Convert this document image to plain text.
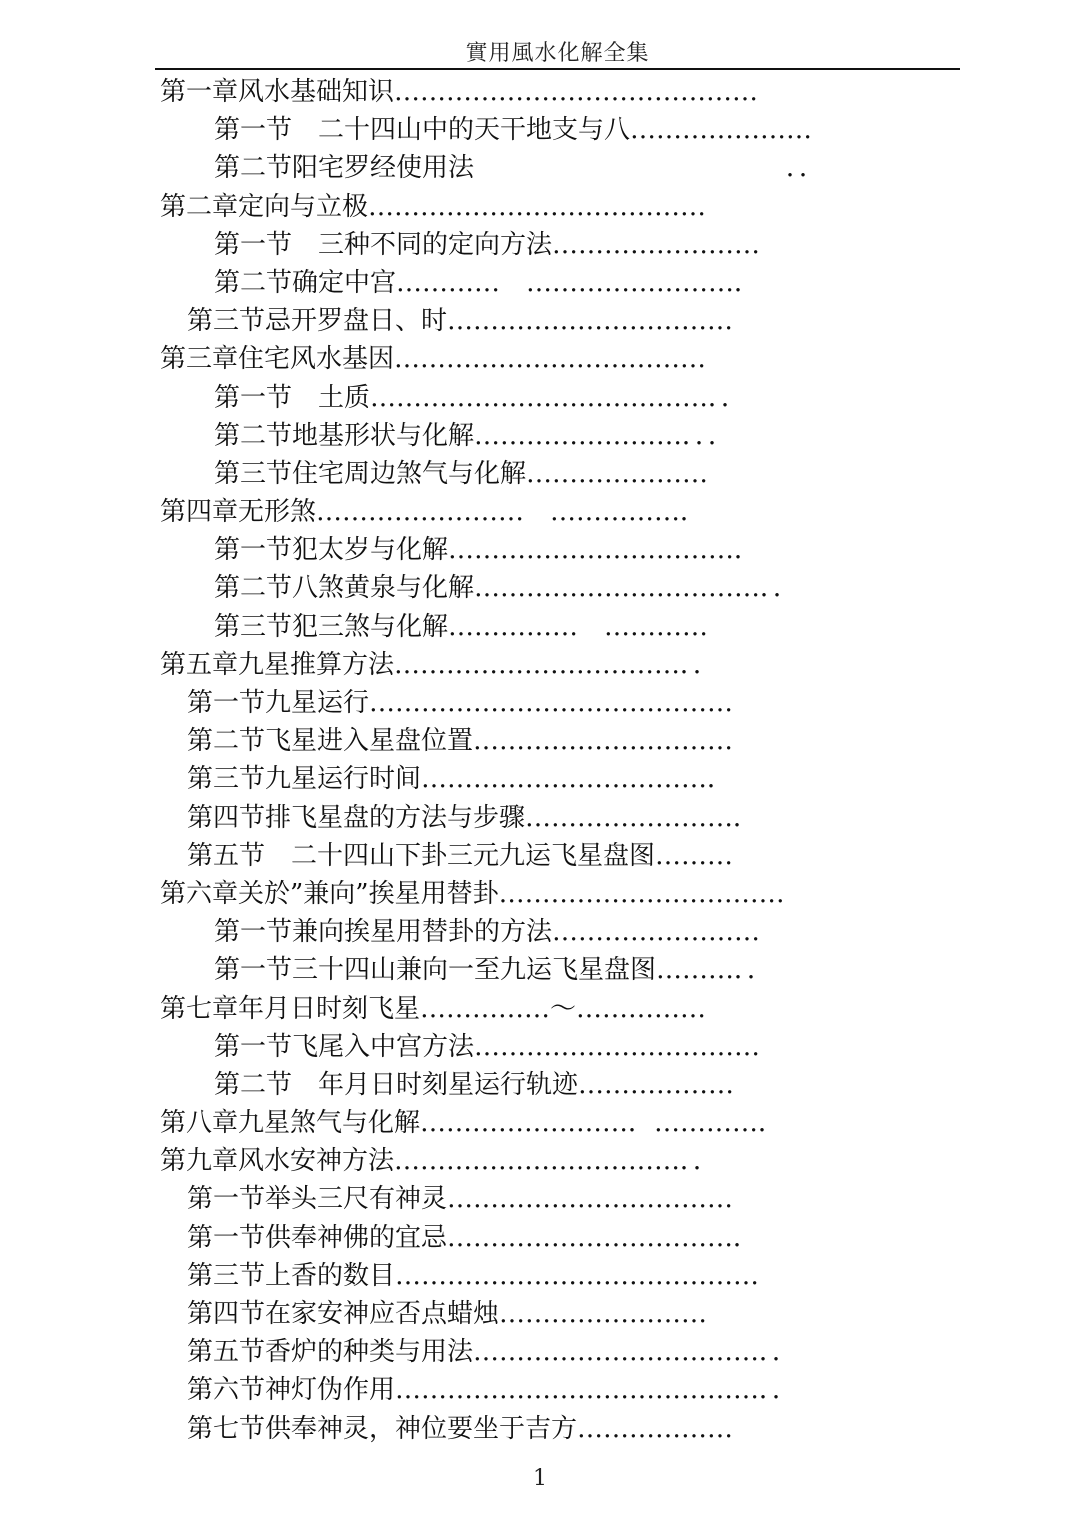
實用風水化解全集
第一章风水基础知识……………………………………
第一节　二十四山中的天干地支与八…………………
第二节阳宅罗经使用法　　　　　　　　　　　　．．
第二章定向与立极…………………………………
第一节　三种不同的定向方法……………………
第二节确定中宫…………　……………………．
第三节忌开罗盘日、时……………………………
第三章住宅风水基因………………………………
第一节　土质…………………………………．．
第二节地基形状与化解……………………．．．
第三节住宅周边煞气与化解…………………
第四章无形煞……………………　……………．
第一节犯太岁与化解……………………………．
第二节八煞黄泉与化解……………………………．．
第三节犯三煞与化解……………　…………
第五章九星推算方法……………………………．．
第一节九星运行……………………………………
第二节飞星进入星盘位置…………………………
第三节九星运行时间……………………………．
第四节排飞星盘的方法与步骤……………………．
第五节　二十四山下卦三元九运飞星盘图………
第六章关於”兼向”挨星用替卦……………………………
第一节兼向挨星用替卦的方法……………………
第一节三十四山兼向一至九运飞星盘图………．．
第七章年月日时刻飞星……………～……………
第一节飞尾入中宫方法……………………………
第二节　年月日时刻星运行轨迹………………
第八章九星煞气与化解……………………．…………．
第九章风水安神方法……………………………．．
第一节举头三尺有神灵……………………………
第一节供奉神佛的宜忌……………………………．
第三节上香的数目……………………………………
第四节在家安神应否点蜡烛……………………
第五节香炉的种类与用法……………………………．．
第六节神灯伪作用……………………………………．．
第七节供奉神灵，神位要坐于吉方………………
1
